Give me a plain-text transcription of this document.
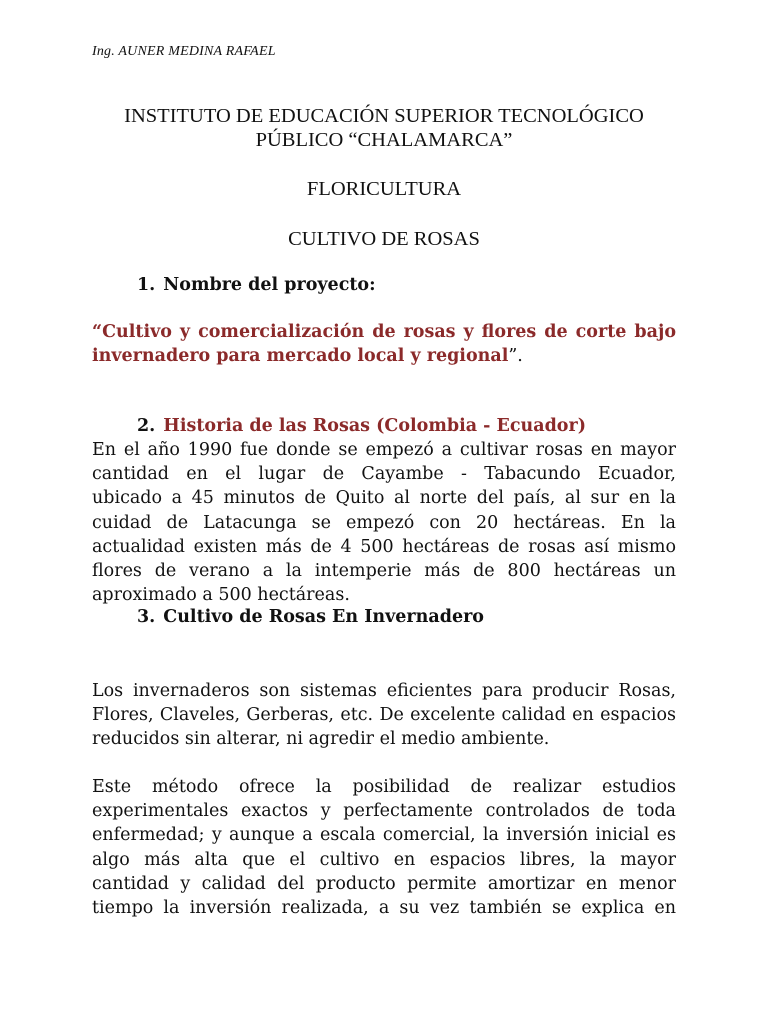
Ing. AUNER MEDINA RAFAEL
INSTITUTO DE EDUCACIÓN SUPERIOR TECNOLÓGICO
PÚBLICO “CHALAMARCA”
FLORICULTURA
CULTIVO DE ROSAS
1. Nombre del proyecto:
“Cultivo y comercialización de rosas y flores de corte bajo
invernadero para mercado local y regional”.
2. Historia de las Rosas (Colombia - Ecuador)
En el año 1990 fue donde se empezó a cultivar rosas en mayor
cantidad en el lugar de Cayambe - Tabacundo Ecuador,
ubicado a 45 minutos de Quito al norte del país, al sur en la
cuidad de Latacunga se empezó con 20 hectáreas. En la
actualidad existen más de 4 500 hectáreas de rosas así mismo
flores de verano a la intemperie más de 800 hectáreas un
aproximado a 500 hectáreas.
3. Cultivo de Rosas En Invernadero
Los invernaderos son sistemas eficientes para producir Rosas,
Flores, Claveles, Gerberas, etc. De excelente calidad en espacios
reducidos sin alterar, ni agredir el medio ambiente.
Este método ofrece la posibilidad de realizar estudios
experimentales exactos y perfectamente controlados de toda
enfermedad; y aunque a escala comercial, la inversión inicial es
algo más alta que el cultivo en espacios libres, la mayor
cantidad y calidad del producto permite amortizar en menor
tiempo la inversión realizada, a su vez también se explica en
